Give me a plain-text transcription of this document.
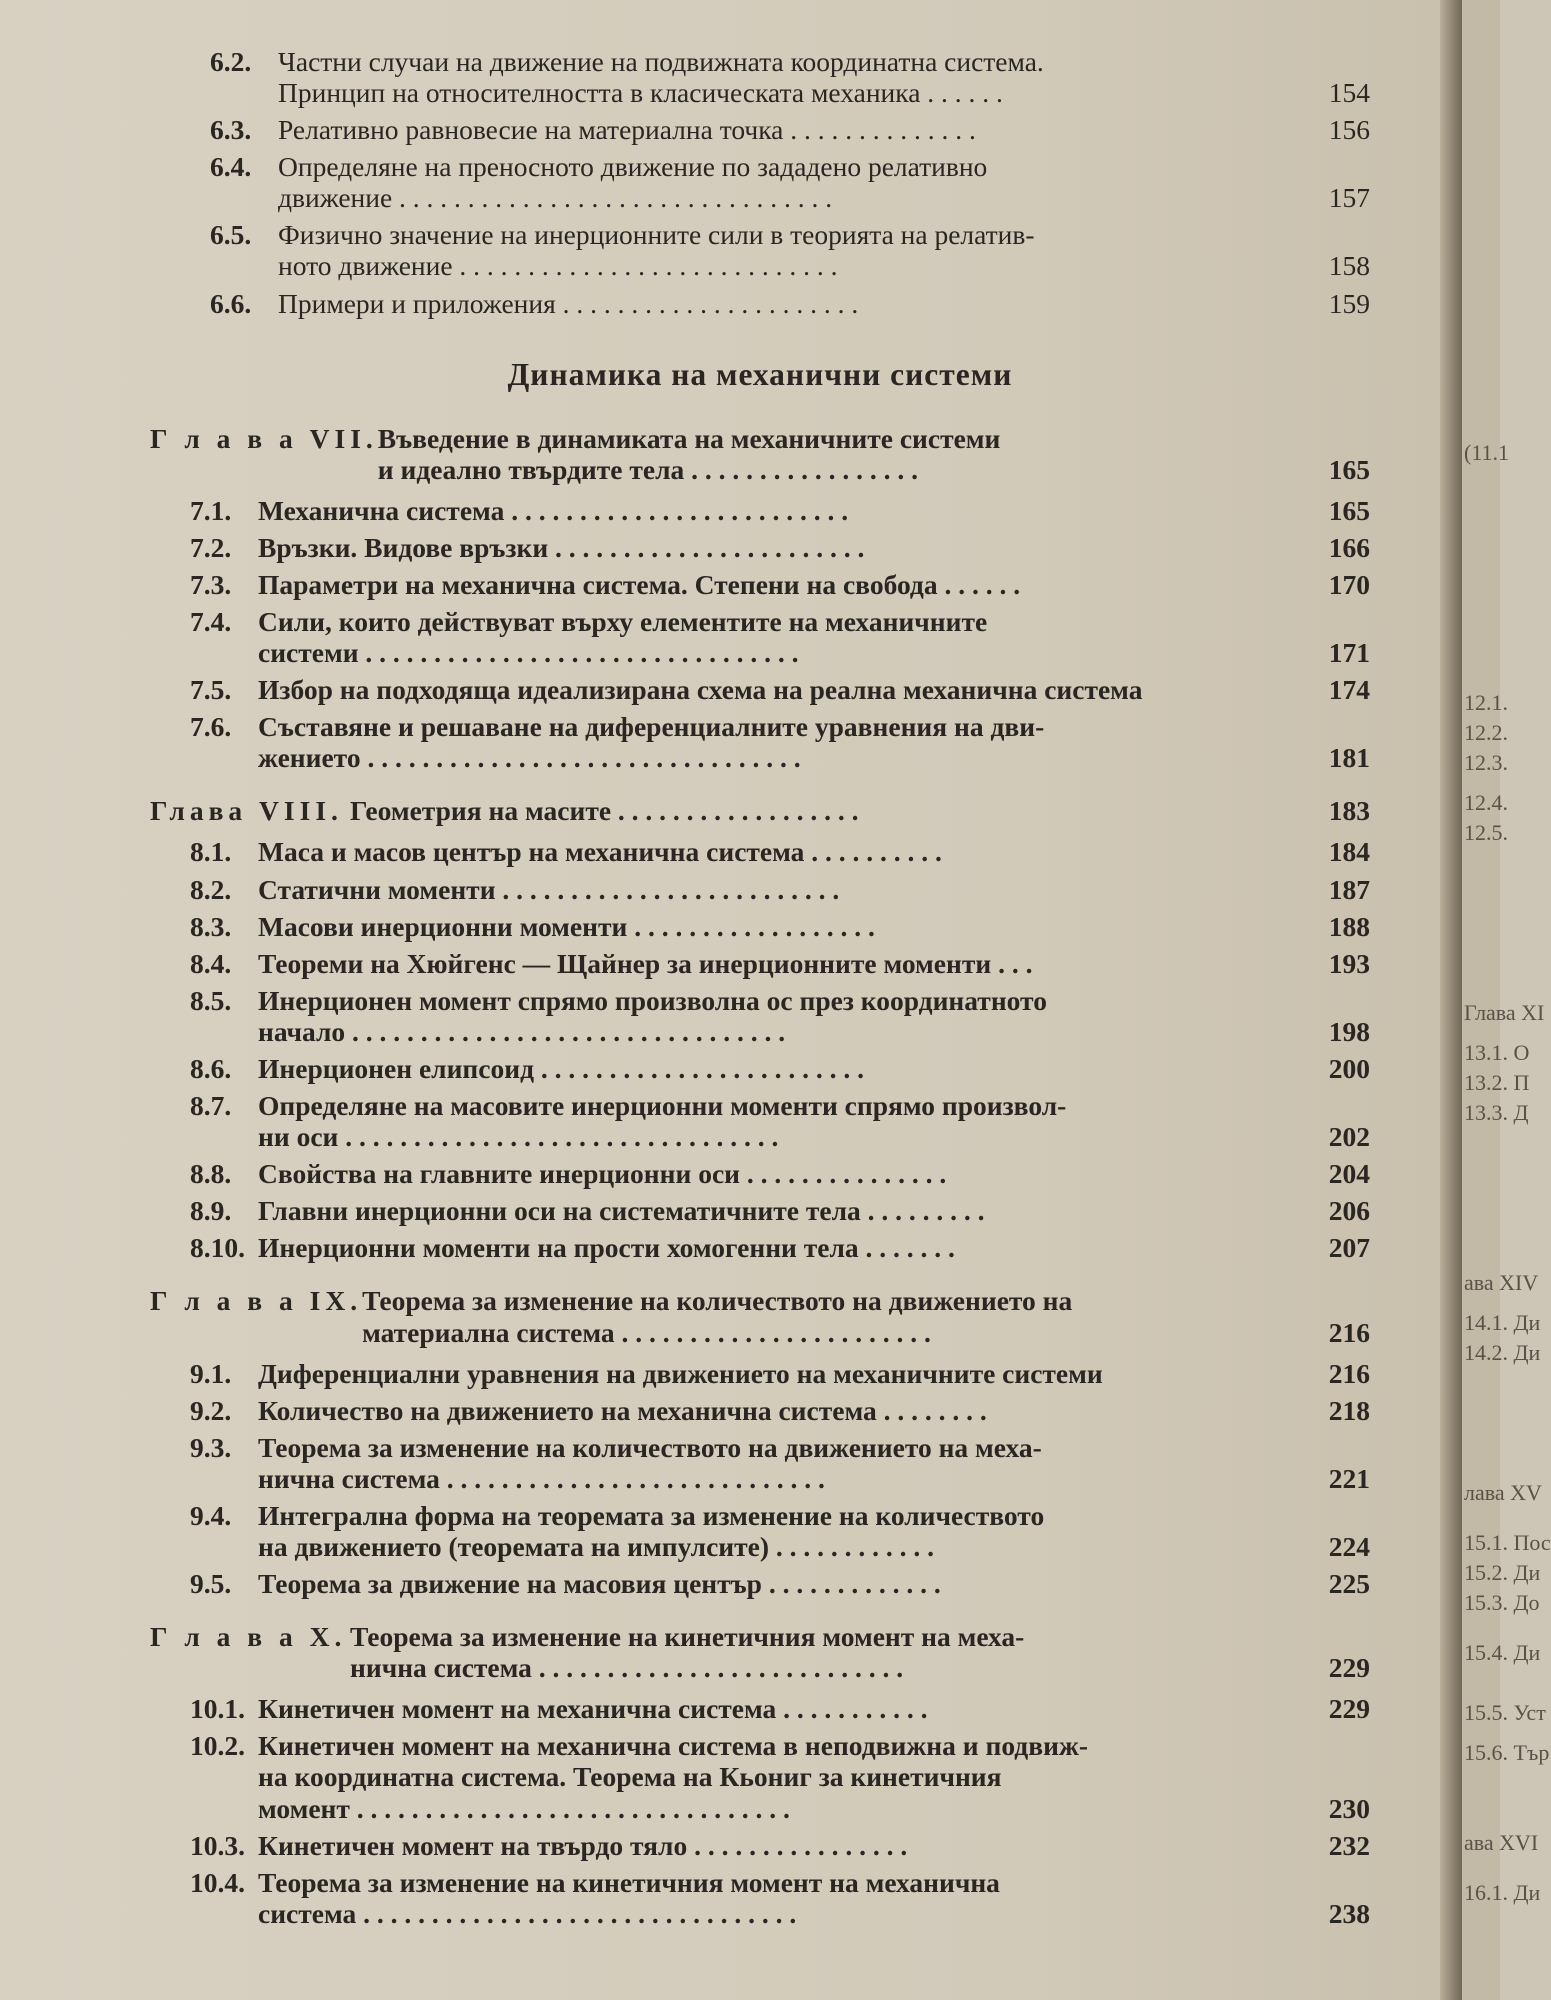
6.2. Частни случаи на движение на подвижната координатна система.
Принцип на относителността в класическата механика . . . . . .	154
6.3. Релативно равновесие на материална точка . . . . . . . . . . . . . .	156
6.4. Определяне на преносното движение по зададено релативно
движение . . . . . . . . . . . . . . . . . . . . . . . . . . . . . . . .	157
6.5. Физично значение на инерционните сили в теорията на релатив-
ното движение . . . . . . . . . . . . . . . . . . . . . . . . . . . .	158
6.6. Примери и приложения . . . . . . . . . . . . . . . . . . . . . .	159
Динамика на механични системи
Г л а в а VII. Въведение в динамиката на механичните системи
и идеално твърдите тела . . . . . . . . . . . . . . . . .	165
7.1. Механична система . . . . . . . . . . . . . . . . . . . . . . . . .	165
7.2. Връзки. Видове връзки . . . . . . . . . . . . . . . . . . . . . . .	166
7.3. Параметри на механична система. Степени на свобода . . . . . .	170
7.4. Сили, които действуват върху елементите на механичните
системи . . . . . . . . . . . . . . . . . . . . . . . . . . . . . . . .	171
7.5. Избор на подходяща идеализирана схема на реална механична система	174
7.6. Съставяне и решаване на диференциалните уравнения на дви-
жението . . . . . . . . . . . . . . . . . . . . . . . . . . . . . . . .	181
Глава VIII. Геометрия на масите . . . . . . . . . . . . . . . . . .	183
8.1. Маса и масов център на механична система . . . . . . . . . .	184
8.2. Статични моменти . . . . . . . . . . . . . . . . . . . . . . . . .	187
8.3. Масови инерционни моменти . . . . . . . . . . . . . . . . . .	188
8.4. Теореми на Хюйгенс — Щайнер за инерционните моменти . . .	193
8.5. Инерционен момент спрямо произволна ос през координатното
начало . . . . . . . . . . . . . . . . . . . . . . . . . . . . . . . .	198
8.6. Инерционен елипсоид . . . . . . . . . . . . . . . . . . . . . . . .	200
8.7. Определяне на масовите инерционни моменти спрямо произвол-
ни оси . . . . . . . . . . . . . . . . . . . . . . . . . . . . . . . .	202
8.8. Свойства на главните инерционни оси . . . . . . . . . . . . . . .	204
8.9. Главни инерционни оси на систематичните тела . . . . . . . . .	206
8.10. Инерционни моменти на прости хомогенни тела . . . . . . .	207
Г л а в а IX. Теорема за изменение на количеството на движението на
материална система . . . . . . . . . . . . . . . . . . . . . . .	216
9.1. Диференциални уравнения на движението на механичните системи	216
9.2. Количество на движението на механична система . . . . . . . .	218
9.3. Теорема за изменение на количеството на движението на меха-
нична система . . . . . . . . . . . . . . . . . . . . . . . . . . . .	221
9.4. Интегрална форма на теоремата за изменение на количеството
на движението (теоремата на импулсите) . . . . . . . . . . . .	224
9.5. Теорема за движение на масовия център . . . . . . . . . . . . .	225
Г л а в а X. Теорема за изменение на кинетичния момент на меха-
нична система . . . . . . . . . . . . . . . . . . . . . . . . . . .	229
10.1. Кинетичен момент на механична система . . . . . . . . . . .	229
10.2. Кинетичен момент на механична система в неподвижна и подвиж-
на координатна система. Теорема на Кьониг за кинетичния
момент . . . . . . . . . . . . . . . . . . . . . . . . . . . . . . . .	230
10.3. Кинетичен момент на твърдо тяло . . . . . . . . . . . . . . . .	232
10.4. Теорема за изменение на кинетичния момент на механична
система . . . . . . . . . . . . . . . . . . . . . . . . . . . . . . . .	238
(11.1
12.1.
12.2.
12.3.
12.4.
12.5.
Глава ХI
13.1. О
13.2. П
13.3. Д
ава XIV
14.1. Ди
14.2. Ди
лава XV
15.1. Пос
15.2. Ди
15.3. До
15.4. Ди
15.5. Уст
15.6. Тър
ава XVI
16.1. Ди
